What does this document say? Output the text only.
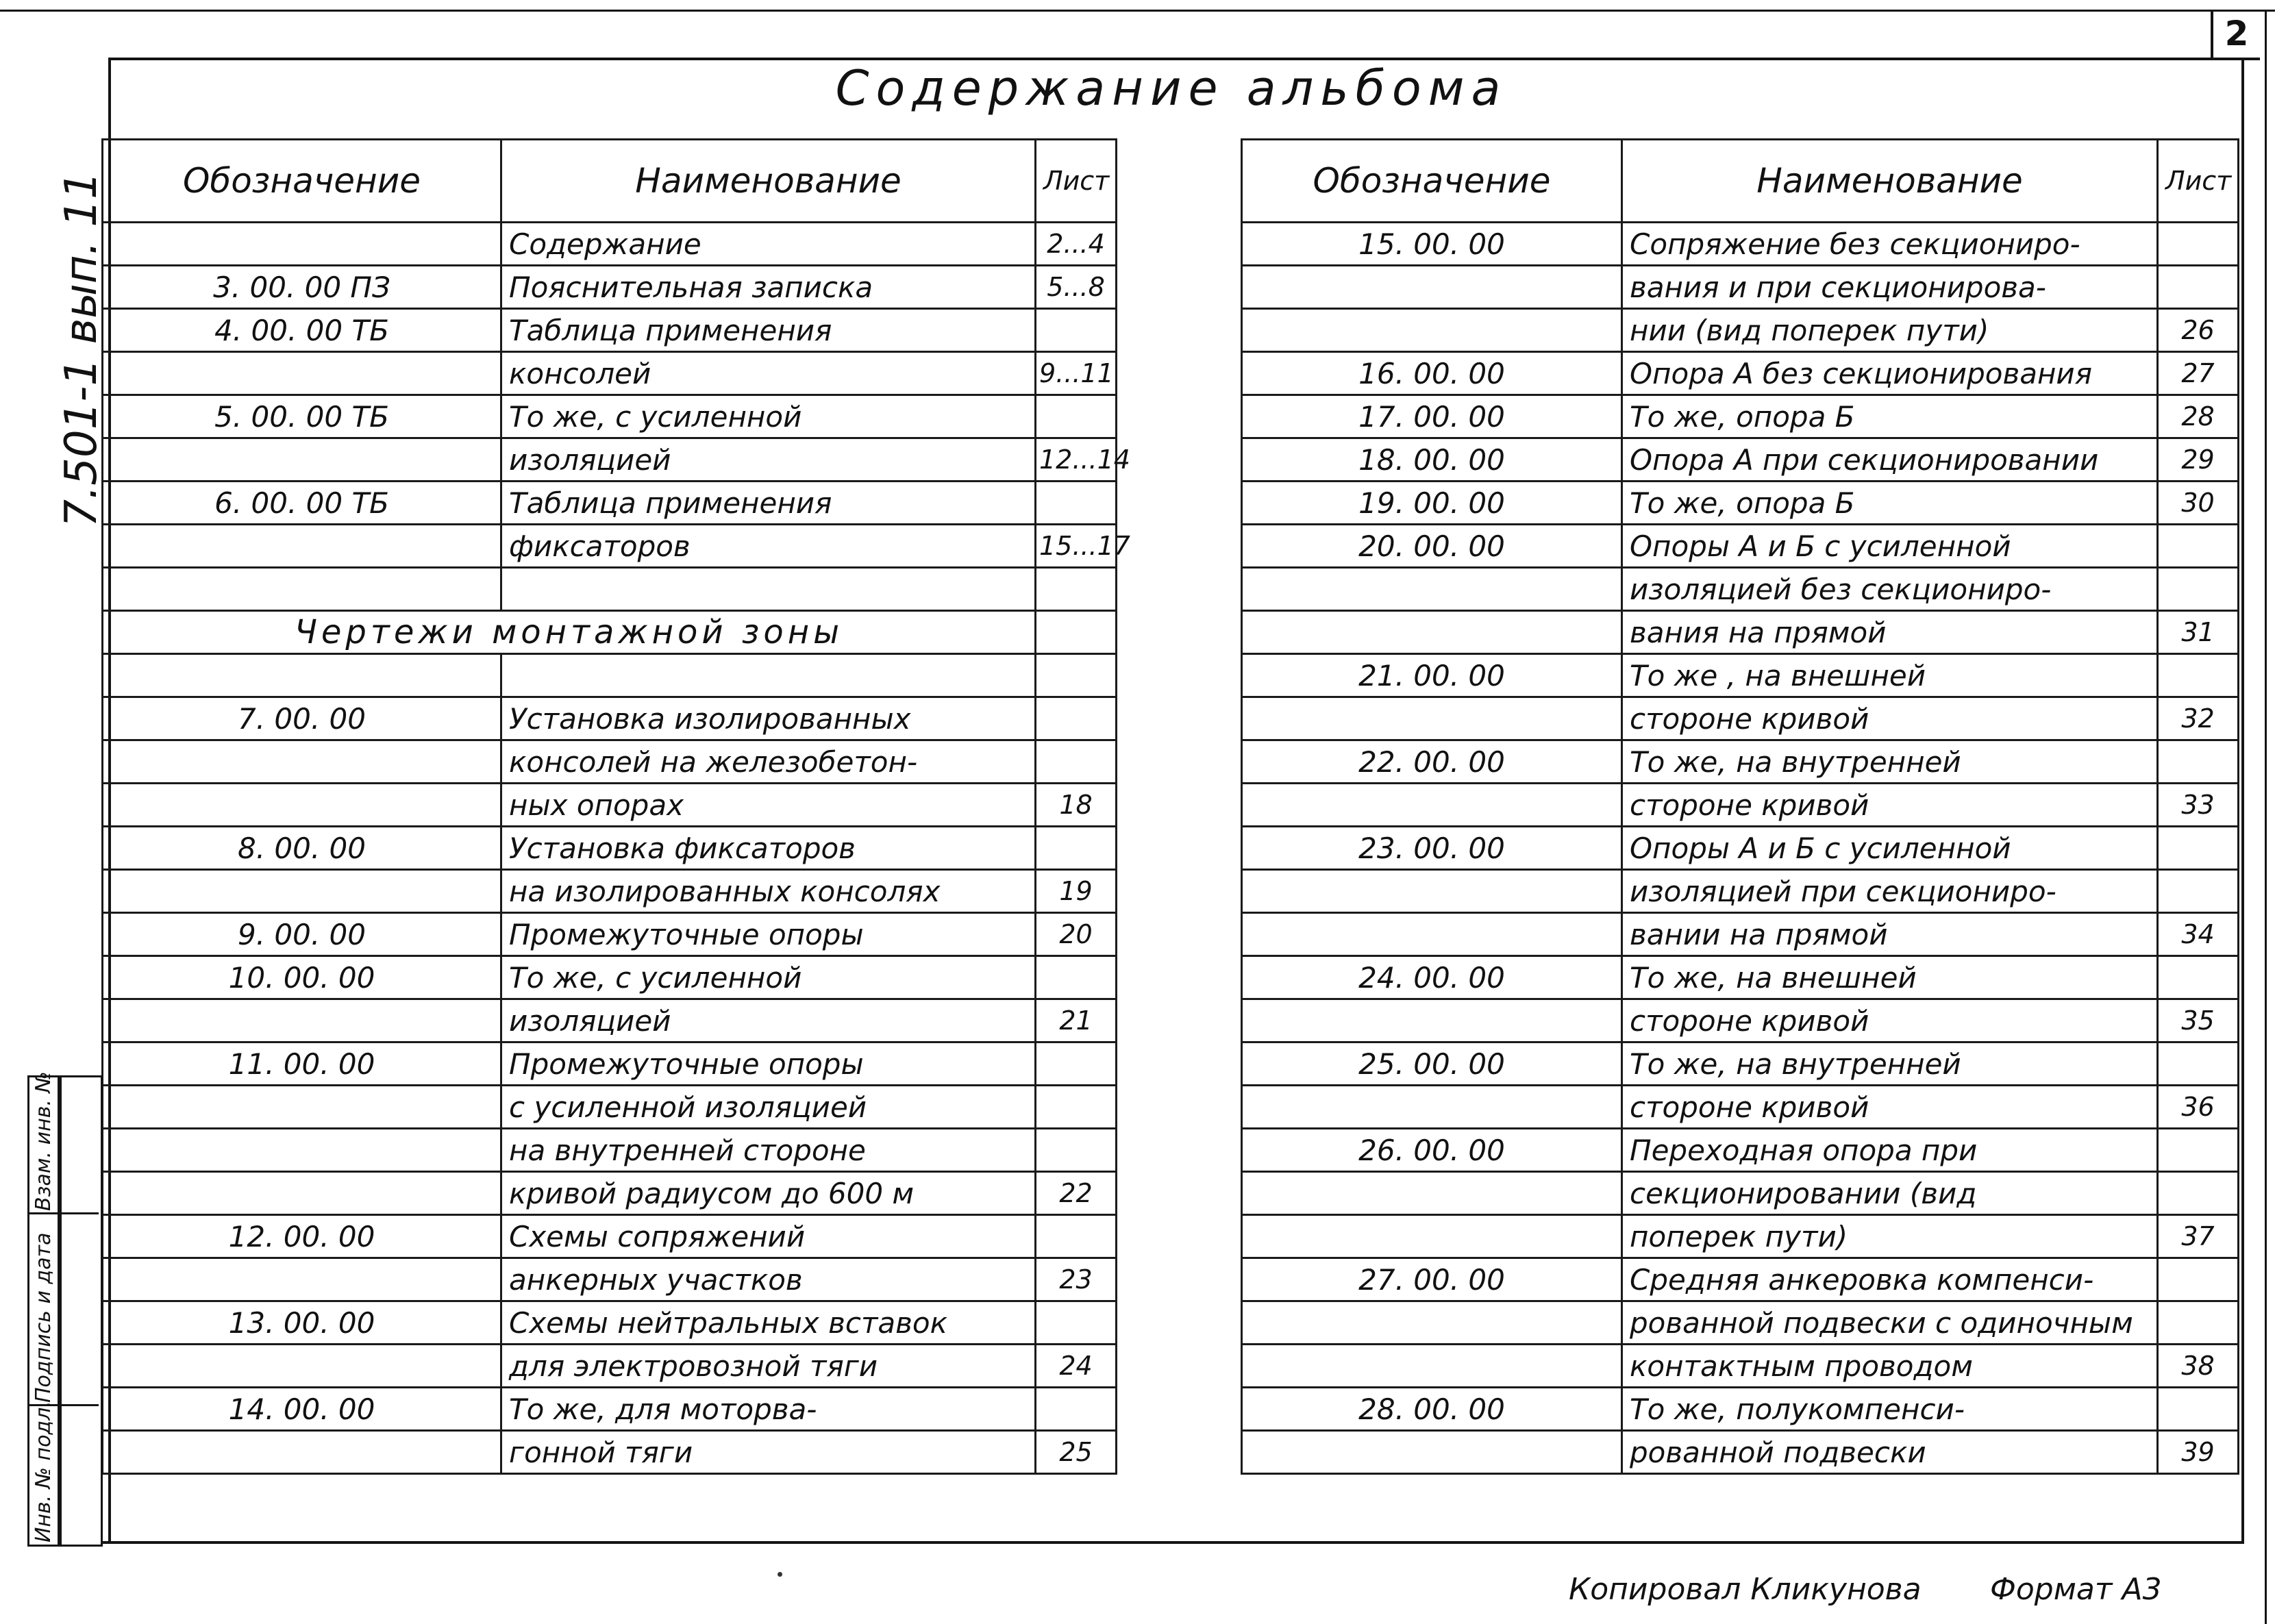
2
Содержание альбома
7.501-1 вып. 11	Обозначение	Наименование	Лист
	Содержание	2...4
3. 00. 00 ПЗ	Пояснительная записка	5...8
4. 00. 00 ТБ	Таблица применения	
	консолей	9...11
5. 00. 00 ТБ	То же, с усиленной	
	изоляцией	12...14
6. 00. 00 ТБ	Таблица применения	
	фиксаторов	15...17

Чертежи монтажной зоны		

7. 00. 00	Установка изолированных	
	консолей на железобетон-	
	ных опорах	18
8. 00. 00	Установка фиксаторов	
	на изолированных консолях	19
9. 00. 00	Промежуточные опоры	20
10. 00. 00	То же, с усиленной	
	изоляцией	21
11. 00. 00	Промежуточные опоры	
	с усиленной изоляцией	
	на внутренней стороне	
	кривой радиусом до 600 м	22
12. 00. 00	Схемы сопряжений	
	анкерных участков	23
13. 00. 00	Схемы нейтральных вставок	
	для электровозной тяги	24
14. 00. 00	То же, для моторва-	
	гонной тяги	25
Обозначение	Наименование	Лист
15. 00. 00	Сопряжение без секциониро-	
	вания и при секционирова-	
	нии (вид поперек пути)	26
16. 00. 00	Опора А без секционирования	27
17. 00. 00	То же, опора Б	28
18. 00. 00	Опора А при секционировании	29
19. 00. 00	То же, опора Б	30
20. 00. 00	Опоры А и Б с усиленной	
	изоляцией без секциониро-	
	вания на прямой	31
21. 00. 00	То же , на внешней	
	стороне кривой	32
22. 00. 00	То же, на внутренней	
	стороне кривой	33
23. 00. 00	Опоры А и Б с усиленной	
	изоляцией при секциониро-	
	вании на прямой	34
24. 00. 00	То же, на внешней	
	стороне кривой	35
25. 00. 00	То же, на внутренней	
	стороне кривой	36
26. 00. 00	Переходная опора при	
	секционировании (вид	
	поперек пути)	37
27. 00. 00	Средняя анкеровка компенси-	
	рованной подвески с одиночным	
	контактным проводом	38
28. 00. 00	То же, полукомпенси-	
	рованной подвески	39
Инв. № подл.
Подпись и дата
Взам. инв. №
Копировал Кликунова Формат А3
